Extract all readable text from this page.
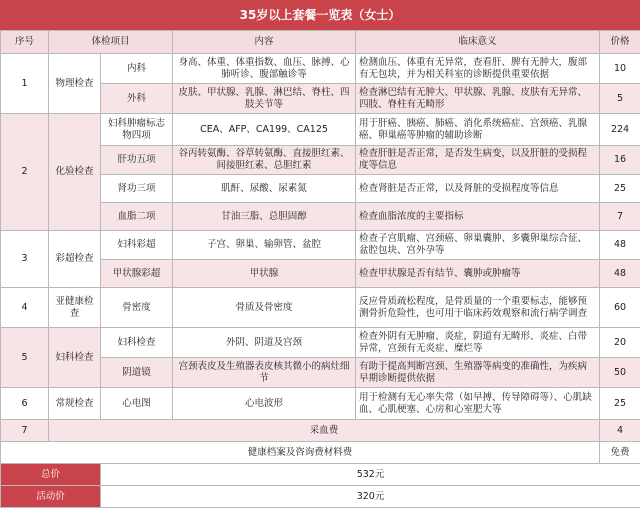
35岁以上套餐一览表（女士）
序号	体检项目		内容	临床意义	价格
1	物理检查	内科	身高、体重、体重指数、血压、脉搏、心肺听诊、腹部触诊等	检测血压、体重有无异常，查看肝、脾有无肿大，腹部有无包块，并为相关科室的诊断提供重要依据	10
		外科	皮肤、甲状腺、乳腺、淋巴结、脊柱、四肢关节等	检查淋巴结有无肿大、甲状腺、乳腺、皮肤有无异常、四肢、脊柱有无畸形	5
2	化验检查	妇科肿瘤标志物四项	CEA、AFP、CA199、CA125	用于肝癌、胰癌、肺癌、消化系统癌症、宫颈癌、乳腺癌、卵巢癌等肿瘤的辅助诊断	224
		肝功五项	谷丙转氨酶、谷草转氨酶、直接胆红素、间接胆红素、总胆红素	检查肝脏是否正常，是否发生病变，以及肝脏的受损程度等信息	16
		肾功三项	肌酐、尿酸、尿素氮	检查肾脏是否正常，以及肾脏的受损程度等信息	25
		血脂二项	甘油三脂、总胆固醇	检查血脂浓度的主要指标	7
3	彩超检查	妇科彩超	子宫、卵巢、输卵管、盆腔	检查子宫肌瘤、宫颈癌、卵巢囊肿、多囊卵巢综合征、盆腔包块、宫外孕等	48
		甲状腺彩超	甲状腺	检查甲状腺是否有结节、囊肿或肿瘤等	48
4	亚健康检查	骨密度	骨质及骨密度	反应骨质疏松程度，是骨质量的一个重要标志，能够预测骨折危险性，也可用于临床药效观察和流行病学调查	60
5	妇科检查	妇科检查	外阴、阴道及宫颈	检查外阴有无肿瘤、炎症，阴道有无畸形、炎症、白带异常，宫颈有无炎症、糜烂等	20
		阴道镜	宫颈表皮及生殖器表皮核其微小的病灶细节	有助于提高判断宫颈、生殖器等病变的准确性，为疾病早期诊断提供依据	50
6	常规检查	心电图	心电波形	用于检测有无心率失常（如早搏、传导障碍等）、心肌缺血、心肌梗塞、心房和心室肥大等	25
7	采血费				4
健康档案及咨询费材料费					免费
总价		532元			
活动价		320元			
